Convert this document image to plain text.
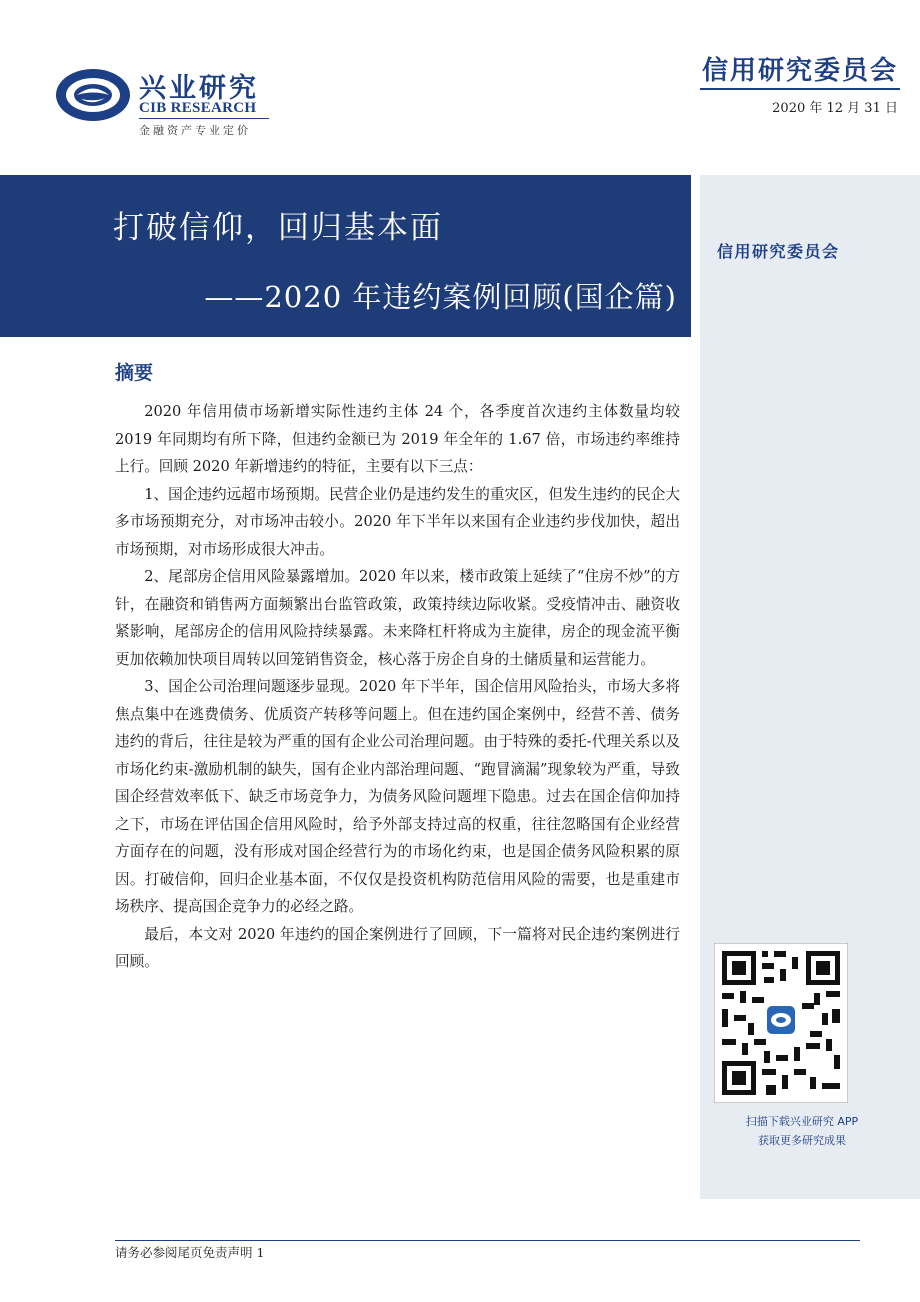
兴业研究
CIB RESEARCH
金融资产专业定价
信用研究委员会
2020 年 12 月 31 日
打破信仰，回归基本面
——2020 年违约案例回顾(国企篇)
信用研究委员会
扫描下载兴业研究 APP
获取更多研究成果
摘要

2020 年信用债市场新增实际性违约主体 24 个，各季度首次违约主体数量均较 2019 年同期均有所下降，但违约金额已为 2019 年全年的 1.67 倍，市场违约率维持上行。回顾 2020 年新增违约的特征，主要有以下三点：

1、国企违约远超市场预期。民营企业仍是违约发生的重灾区，但发生违约的民企大多市场预期充分，对市场冲击较小。2020 年下半年以来国有企业违约步伐加快，超出市场预期，对市场形成很大冲击。

2、尾部房企信用风险暴露增加。2020 年以来，楼市政策上延续了“住房不炒”的方针，在融资和销售两方面频繁出台监管政策，政策持续边际收紧。受疫情冲击、融资收紧影响，尾部房企的信用风险持续暴露。未来降杠杆将成为主旋律，房企的现金流平衡更加依赖加快项目周转以回笼销售资金，核心落于房企自身的土储质量和运营能力。

3、国企公司治理问题逐步显现。2020 年下半年，国企信用风险抬头，市场大多将焦点集中在逃费债务、优质资产转移等问题上。但在违约国企案例中，经营不善、债务违约的背后，往往是较为严重的国有企业公司治理问题。由于特殊的委托-代理关系以及市场化约束-激励机制的缺失，国有企业内部治理问题、“跑冒滴漏”现象较为严重，导致国企经营效率低下、缺乏市场竞争力，为债务风险问题埋下隐患。过去在国企信仰加持之下，市场在评估国企信用风险时，给予外部支持过高的权重，往往忽略国有企业经营方面存在的问题，没有形成对国企经营行为的市场化约束，也是国企债务风险积累的原因。打破信仰，回归企业基本面，不仅仅是投资机构防范信用风险的需要，也是重建市场秩序、提高国企竞争力的必经之路。

最后，本文对 2020 年违约的国企案例进行了回顾，下一篇将对民企违约案例进行回顾。

请务必参阅尾页免责声明 1
